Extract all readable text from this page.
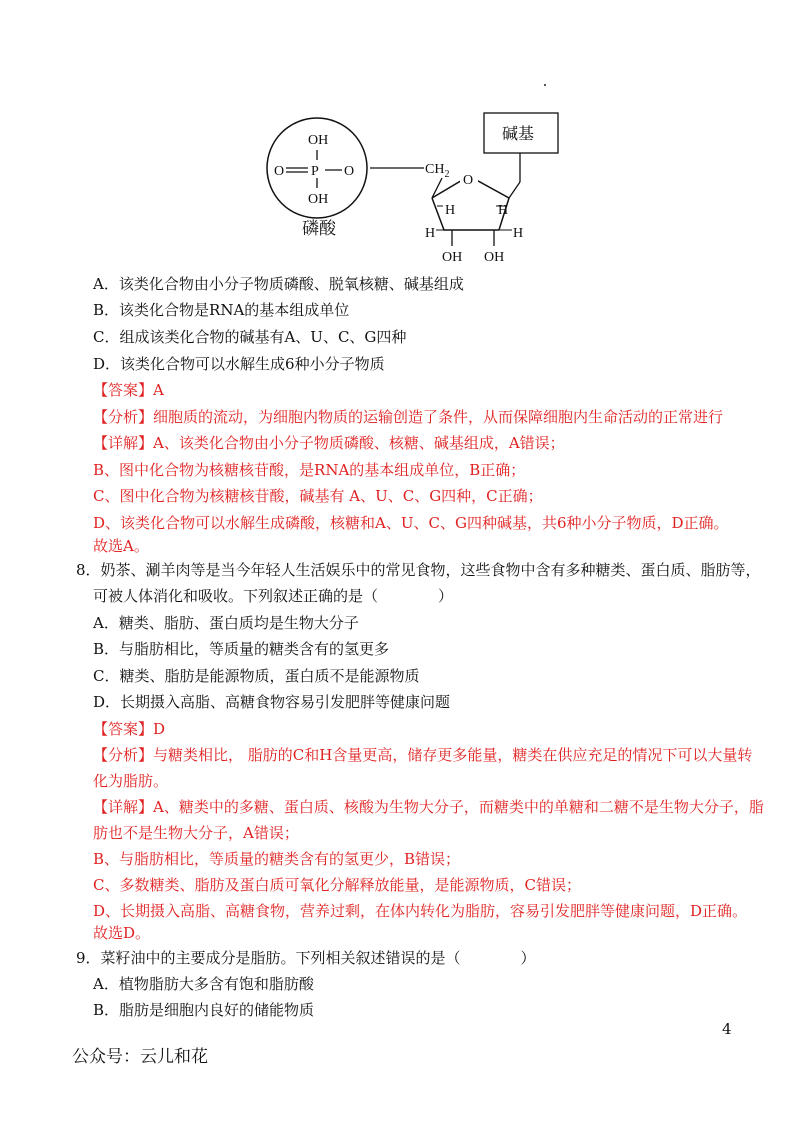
OH
O P O
OH
磷酸
$CH_2$
碱基
O
H	H
H	H
OH OH
A．该类化合物由小分子物质磷酸、脱氧核糖、碱基组成
B．该类化合物是RNA的基本组成单位
C．组成该类化合物的碱基有A、U、C、G四种
D．该类化合物可以水解生成6种小分子物质
【答案】A
【分析】细胞质的流动，为细胞内物质的运输创造了条件，从而保障细胞内生命活动的正常进行
【详解】A、该类化合物由小分子物质磷酸、核糖、碱基组成，A错误；
B、图中化合物为核糖核苷酸，是RNA的基本组成单位，B正确；
C、图中化合物为核糖核苷酸，碱基有 A、U、C、G四种，C正确；
D、该类化合物可以水解生成磷酸，核糖和A、U、C、G四种碱基，共6种小分子物质，D正确。
故选A。
8．奶茶、涮羊肉等是当今年轻人生活娱乐中的常见食物，这些食物中含有多种糖类、蛋白质、脂肪等，
可被人体消化和吸收。下列叙述正确的是（　　　　）
A．糖类、脂肪、蛋白质均是生物大分子
B．与脂肪相比，等质量的糖类含有的氢更多
C．糖类、脂肪是能源物质，蛋白质不是能源物质
D．长期摄入高脂、高糖食物容易引发肥胖等健康问题
【答案】D
【分析】与糖类相比， 脂肪的C和H含量更高，储存更多能量，糖类在供应充足的情况下可以大量转
化为脂肪。
【详解】A、糖类中的多糖、蛋白质、核酸为生物大分子，而糖类中的单糖和二糖不是生物大分子，脂
肪也不是生物大分子，A错误；
B、与脂肪相比，等质量的糖类含有的氢更少，B错误；
C、多数糖类、脂肪及蛋白质可氧化分解释放能量，是能源物质，C错误；
D、长期摄入高脂、高糖食物，营养过剩，在体内转化为脂肪，容易引发肥胖等健康问题，D正确。
故选D。
9．菜籽油中的主要成分是脂肪。下列相关叙述错误的是（　　　　）
A．植物脂肪大多含有饱和脂肪酸
B．脂肪是细胞内良好的储能物质
4
公众号：云儿和花
